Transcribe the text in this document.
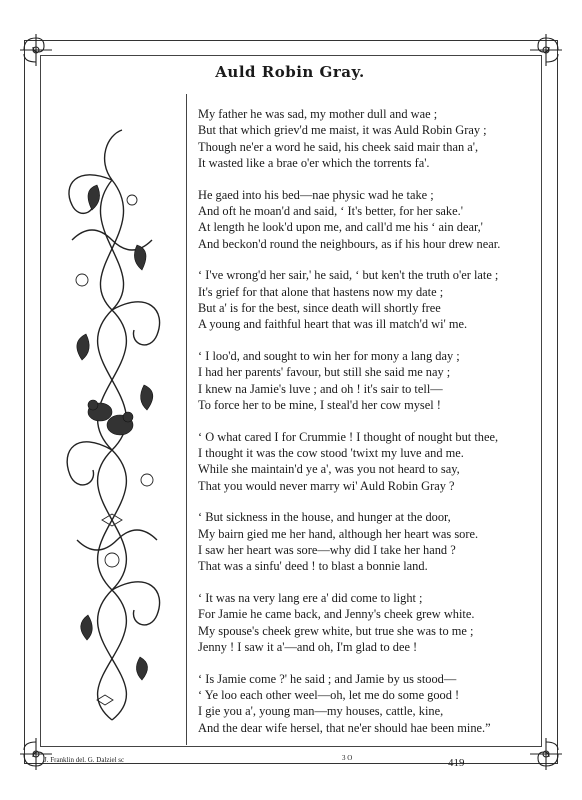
Auld Robin Gray.
My father he was sad, my mother dull and wae ;
But that which griev'd me maist, it was Auld Robin Gray ;
Though ne'er a word he said, his cheek said mair than a',
It wasted like a brae o'er which the torrents fa'.
He gaed into his bed—nae physic wad he take ;
And oft he moan'd and said, ‘ It's better, for her sake.'
At length he look'd upon me, and call'd me his ‘ ain dear,'
And beckon'd round the neighbours, as if his hour drew near.
‘ I've wrong'd her sair,' he said, ‘ but ken't the truth o'er late ;
It's grief for that alone that hastens now my date ;
But a' is for the best, since death will shortly free
A young and faithful heart that was ill match'd wi' me.
‘ I loo'd, and sought to win her for mony a lang day ;
I had her parents' favour, but still she said me nay ;
I knew na Jamie's luve ; and oh ! it's sair to tell—
To force her to be mine, I steal'd her cow mysel !
‘ O what cared I for Crummie ! I thought of nought but thee,
I thought it was the cow stood 'twixt my luve and me.
While she maintain'd ye a', was you not heard to say,
That you would never marry wi' Auld Robin Gray ?
‘ But sickness in the house, and hunger at the door,
My bairn gied me her hand, although her heart was sore.
I saw her heart was sore—why did I take her hand ?
That was a sinfu' deed ! to blast a bonnie land.
‘ It was na very lang ere a' did come to light ;
For Jamie he came back, and Jenny's cheek grew white.
My spouse's cheek grew white, but true she was to me ;
Jenny ! I saw it a'—and oh, I'm glad to dee !
‘ Is Jamie come ?' he said ; and Jamie by us stood—
‘ Ye loo each other weel—oh, let me do some good !
I gie you a', young man—my houses, cattle, kine,
And the dear wife hersel, that ne'er should hae been mine.”
J. Franklin del. G. Dalziel sc	3 O	419
